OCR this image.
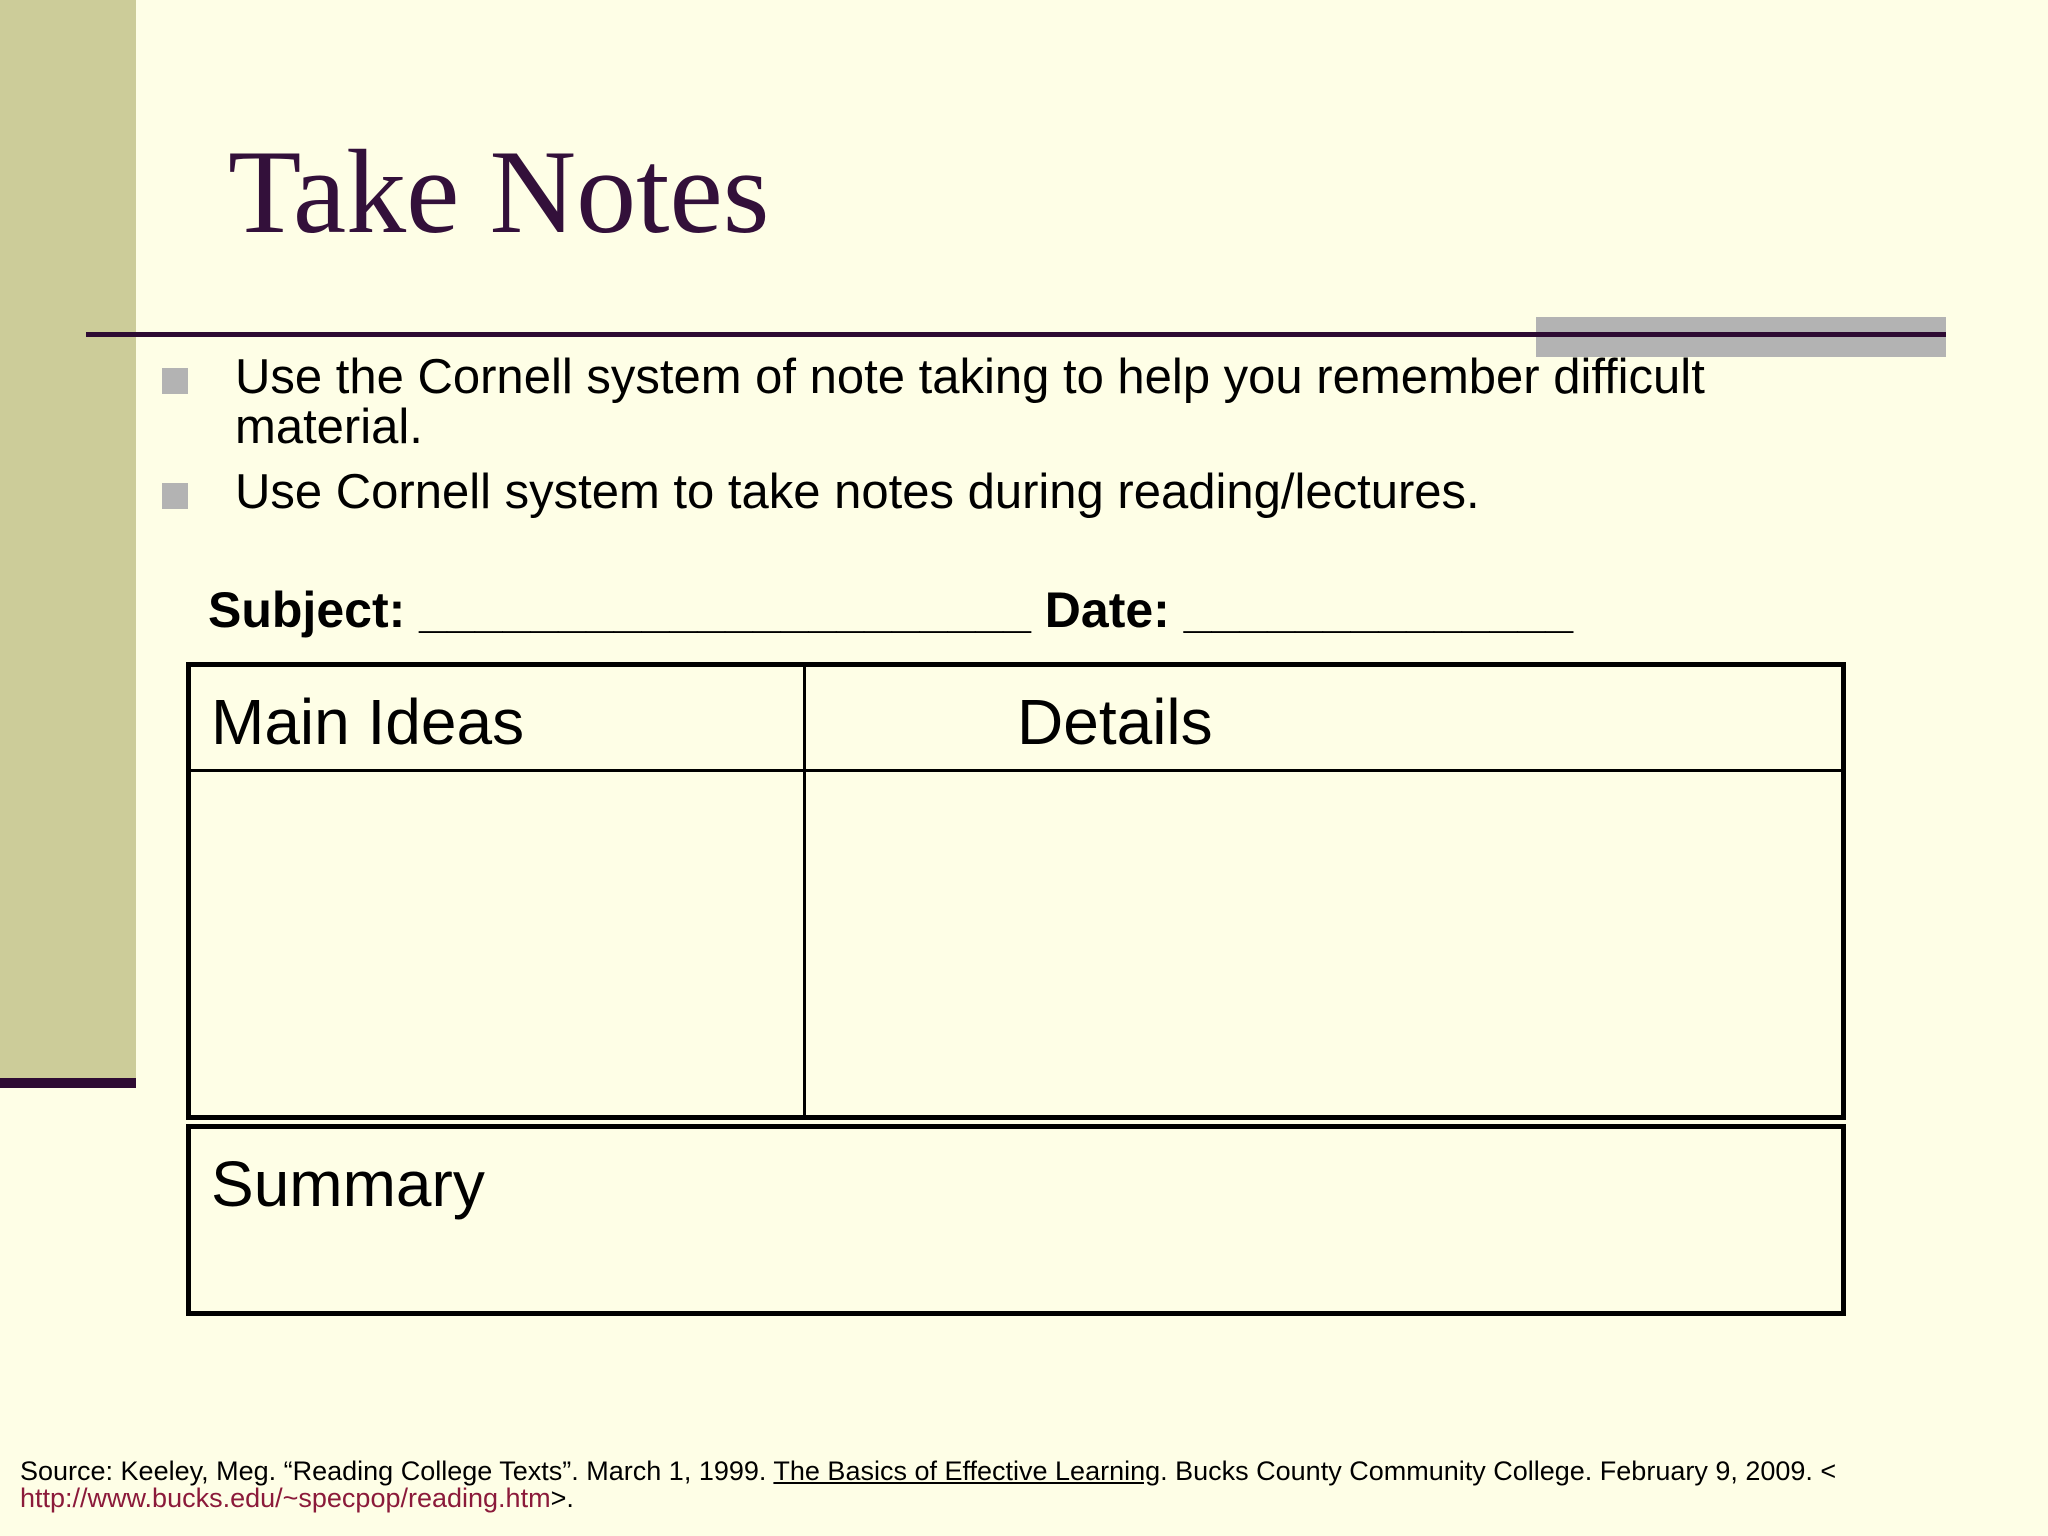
Take Notes
Use the Cornell system of note taking to help you remember difficult material.
Use Cornell system to take notes during reading/lectures.
Subject: ______________________ Date: ______________
Main Ideas	Details
Summary
Source: Keeley, Meg. “Reading College Texts”. March 1, 1999. The Basics of Effective Learning. Bucks County Community College. February 9, 2009. <
http://www.bucks.edu/~specpop/reading.htm>.
